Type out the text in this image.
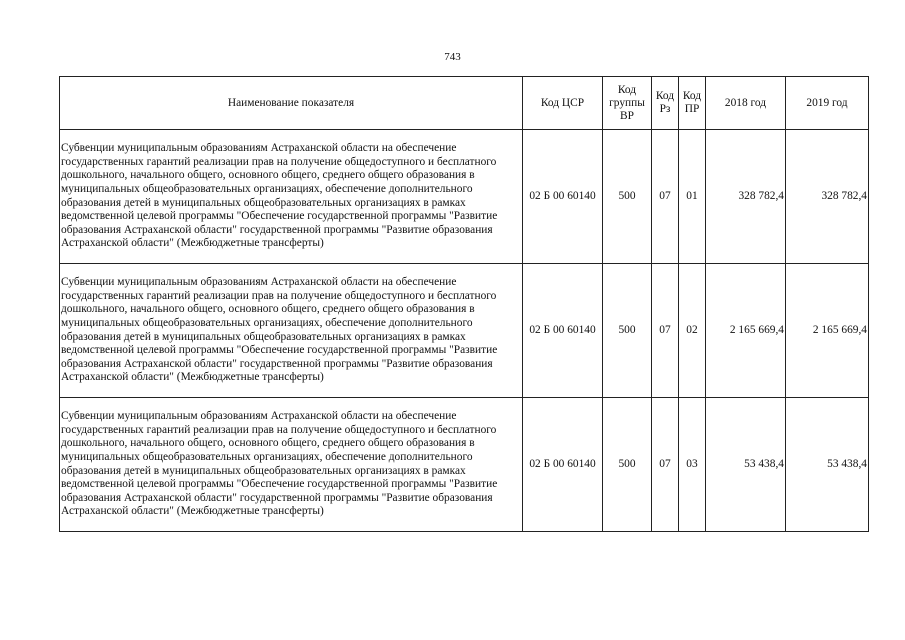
743
Наименование показателя	Код ЦСР	Код группы ВР	Код Рз	Код ПР	2018 год	2019 год
Субвенции муниципальным образованиям Астраханской области на обеспечение государственных гарантий реализации прав на получение общедоступного и бесплатного дошкольного, начального общего, основного общего, среднего общего образования в муниципальных общеобразовательных организациях, обеспечение дополнительного образования детей в муниципальных общеобразовательных организациях в рамках ведомственной целевой программы "Обеспечение государственной программы "Развитие образования Астраханской области" государственной программы "Развитие образования Астраханской области" (Межбюджетные трансферты)	02 Б 00 60140	500	07	01	328 782,4	328 782,4
Субвенции муниципальным образованиям Астраханской области на обеспечение государственных гарантий реализации прав на получение общедоступного и бесплатного дошкольного, начального общего, основного общего, среднего общего образования в муниципальных общеобразовательных организациях, обеспечение дополнительного образования детей в муниципальных общеобразовательных организациях в рамках ведомственной целевой программы "Обеспечение государственной программы "Развитие образования Астраханской области" государственной программы "Развитие образования Астраханской области" (Межбюджетные трансферты)	02 Б 00 60140	500	07	02	2 165 669,4	2 165 669,4
Субвенции муниципальным образованиям Астраханской области на обеспечение государственных гарантий реализации прав на получение общедоступного и бесплатного дошкольного, начального общего, основного общего, среднего общего образования в муниципальных общеобразовательных организациях, обеспечение дополнительного образования детей в муниципальных общеобразовательных организациях в рамках ведомственной целевой программы "Обеспечение государственной программы "Развитие образования Астраханской области" государственной программы "Развитие образования Астраханской области" (Межбюджетные трансферты)	02 Б 00 60140	500	07	03	53 438,4	53 438,4
